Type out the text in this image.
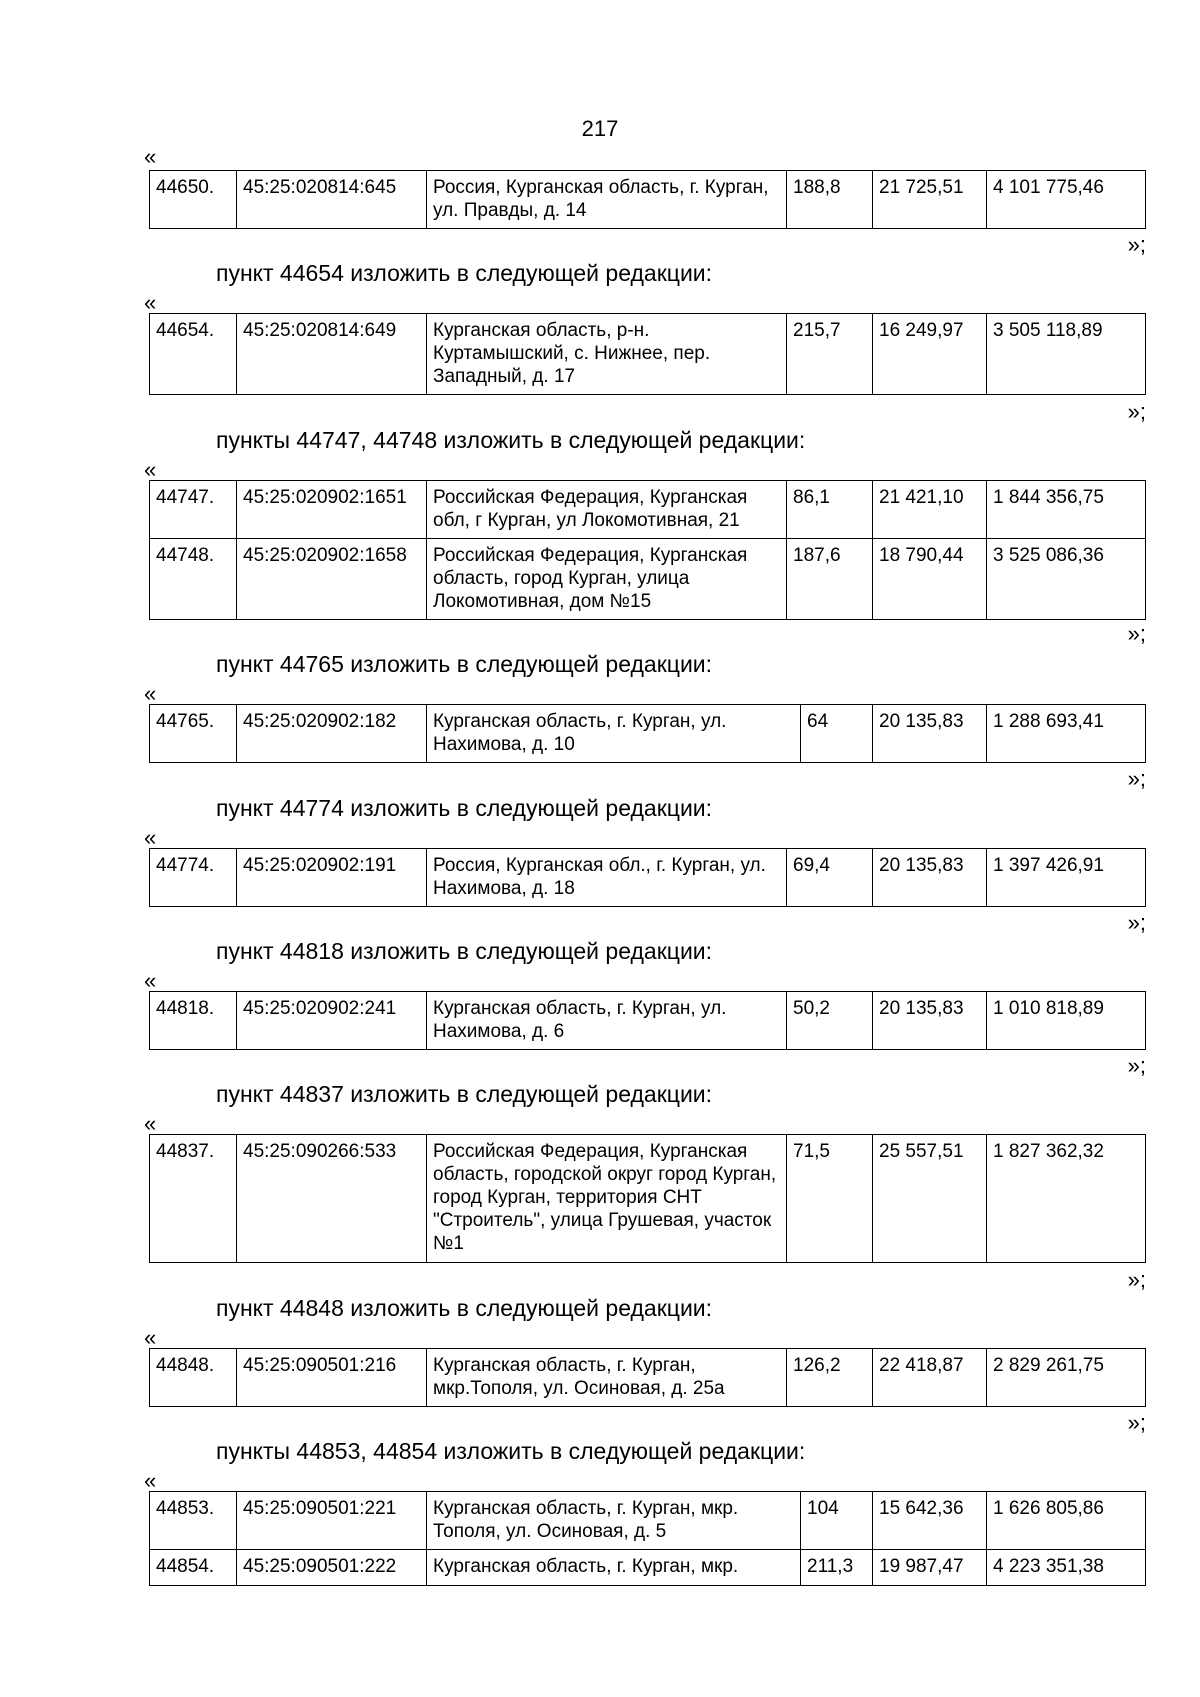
217
«
44650.	45:25:020814:645	Россия, Курганская область, г. Курган, ул. Правды, д. 14	188,8	21 725,51	4 101 775,46
»;
пункт 44654 изложить в следующей редакции:
«
44654.	45:25:020814:649	Курганская область, р-н. Куртамышский, с. Нижнее, пер. Западный, д. 17	215,7	16 249,97	3 505 118,89
»;
пункты 44747, 44748 изложить в следующей редакции:
«
44747.	45:25:020902:1651	Российская Федерация, Курганская обл, г Курган, ул Локомотивная, 21	86,1	21 421,10	1 844 356,75
44748.	45:25:020902:1658	Российская Федерация, Курганская область, город Курган, улица Локомотивная, дом №15	187,6	18 790,44	3 525 086,36
»;
пункт 44765 изложить в следующей редакции:
«
44765.	45:25:020902:182	Курганская область, г. Курган, ул. Нахимова, д. 10	64	20 135,83	1 288 693,41
»;
пункт 44774 изложить в следующей редакции:
«
44774.	45:25:020902:191	Россия, Курганская обл., г. Курган, ул. Нахимова, д. 18	69,4	20 135,83	1 397 426,91
»;
пункт 44818 изложить в следующей редакции:
«
44818.	45:25:020902:241	Курганская область, г. Курган, ул. Нахимова, д. 6	50,2	20 135,83	1 010 818,89
»;
пункт 44837 изложить в следующей редакции:
«
44837.	45:25:090266:533	Российская Федерация, Курганская область, городской округ город Курган, город Курган, территория СНТ "Строитель", улица Грушевая, участок №1	71,5	25 557,51	1 827 362,32
»;
пункт 44848 изложить в следующей редакции:
«
44848.	45:25:090501:216	Курганская область, г. Курган, мкр.Тополя, ул. Осиновая, д. 25а	126,2	22 418,87	2 829 261,75
»;
пункты 44853, 44854 изложить в следующей редакции:
«
44853.	45:25:090501:221	Курганская область, г. Курган, мкр. Тополя, ул. Осиновая, д. 5	104	15 642,36	1 626 805,86
44854.	45:25:090501:222	Курганская область, г. Курган, мкр.	211,3	19 987,47	4 223 351,38
